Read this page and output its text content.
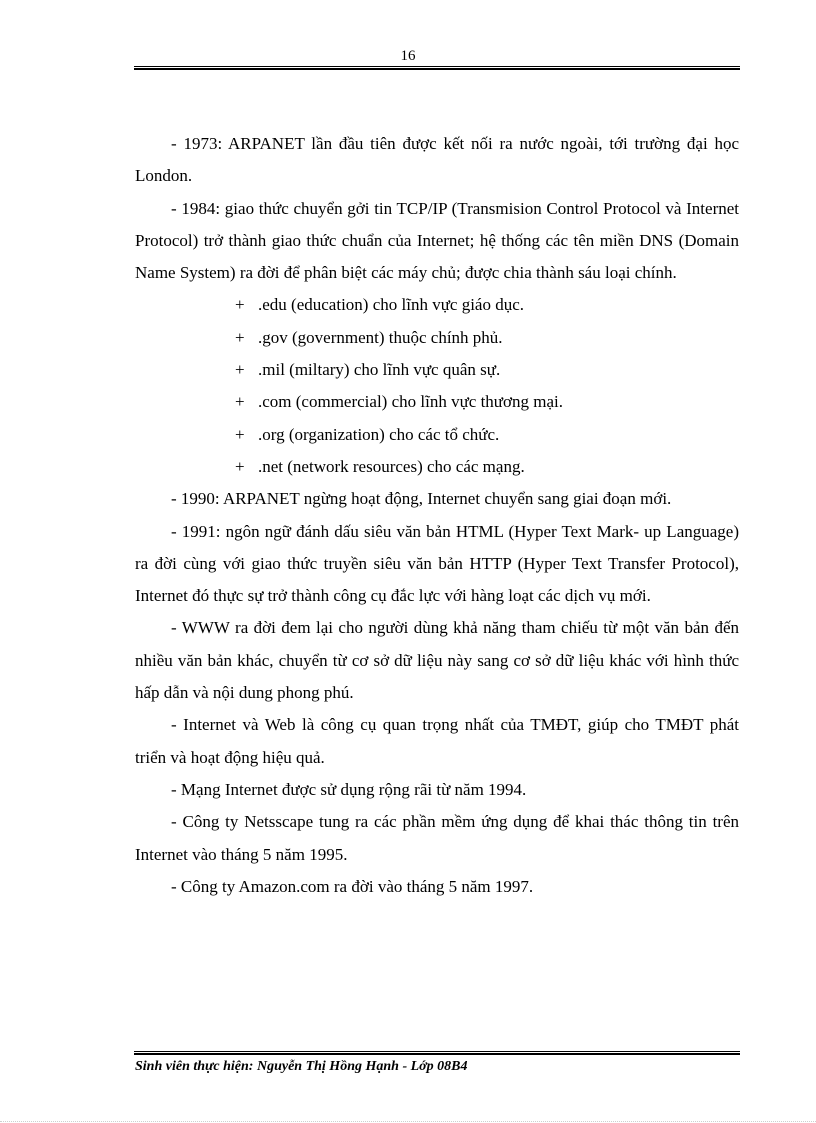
16

- 1973: ARPANET lần đầu tiên được kết nối ra nước ngoài, tới trường đại học London.

- 1984: giao thức chuyển gởi tin TCP/IP (Transmision Control Protocol và Internet Protocol) trở thành giao thức chuẩn của Internet; hệ thống các tên miền DNS (Domain Name System) ra đời để phân biệt các máy chủ; được chia thành sáu loại chính.

+ .edu (education) cho lĩnh vực giáo dục.

+ .gov (government) thuộc chính phủ.

+ .mil (miltary) cho lĩnh vực quân sự.

+ .com (commercial) cho lĩnh vực thương mại.

+ .org (organization) cho các tổ chức.

+ .net (network resources) cho các mạng.

- 1990: ARPANET ngừng hoạt động, Internet chuyển sang giai đoạn mới.

- 1991: ngôn ngữ đánh dấu siêu văn bản HTML (Hyper Text Mark- up Language) ra đời cùng với giao thức truyền siêu văn bản HTTP (Hyper Text Transfer Protocol), Internet đó thực sự trở thành công cụ đắc lực với hàng loạt các dịch vụ mới.

- WWW ra đời đem lại cho người dùng khả năng tham chiếu từ một văn bản đến nhiều văn bản khác, chuyển từ cơ sở dữ liệu này sang cơ sở dữ liệu khác với hình thức hấp dẫn và nội dung phong phú.

- Internet và Web là công cụ quan trọng nhất của TMĐT, giúp cho TMĐT phát triển và hoạt động hiệu quả.

- Mạng Internet được sử dụng rộng rãi từ năm 1994.

- Công ty Netsscape tung ra các phần mềm ứng dụng để khai thác thông tin trên Internet vào tháng 5 năm 1995.

- Công ty Amazon.com ra đời vào tháng 5 năm 1997.

Sinh viên thực hiện: Nguyễn Thị Hồng Hạnh - Lớp 08B4
